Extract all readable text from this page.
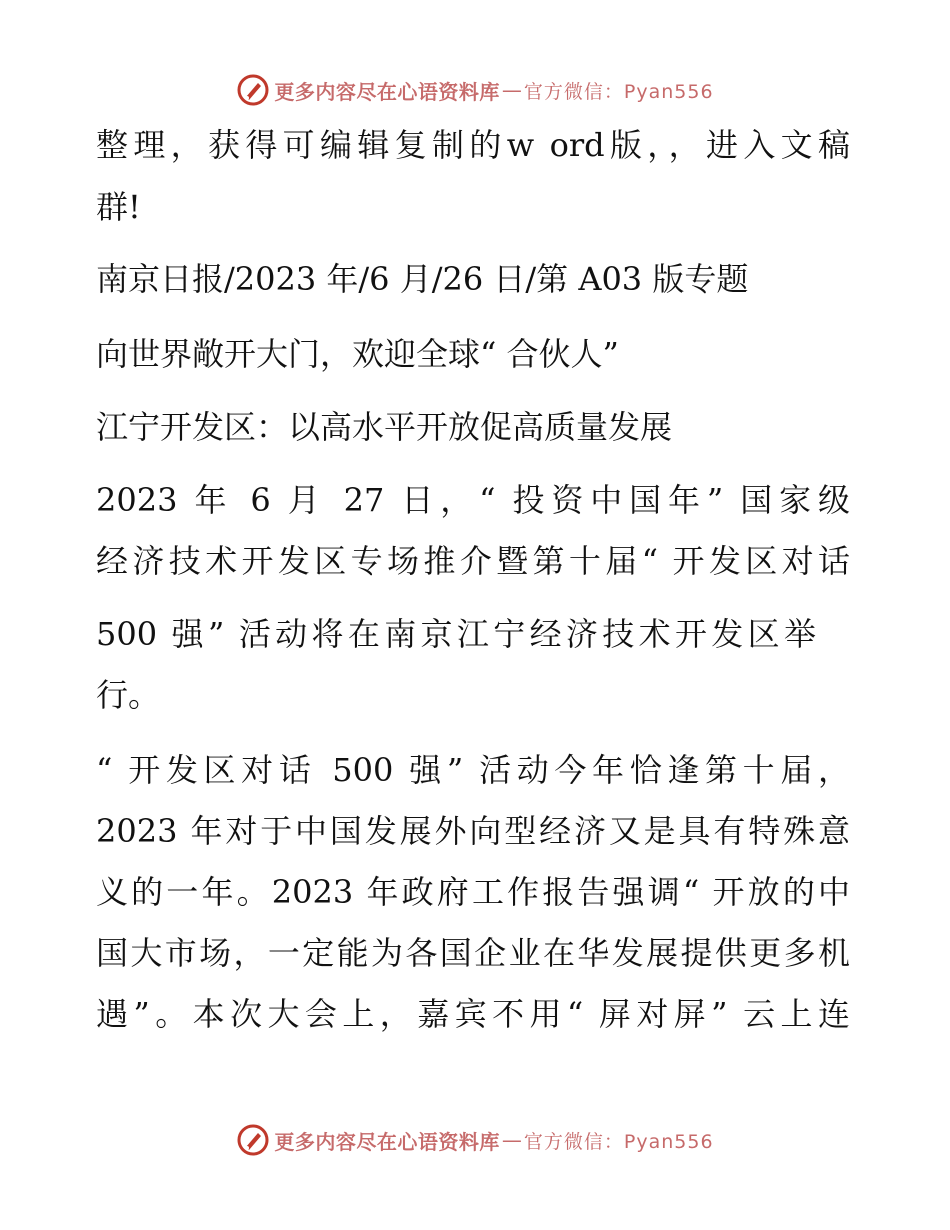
更多内容尽在心语资料库 — 官方微信：Pyan556
整理，获得可编辑复制的w ord版，，进入文稿
群!
南京日报/2023 年/6 月/26 日/第 A03 版专题
向世界敞开大门，欢迎全球“ 合伙人”
江宁开发区：以高水平开放促高质量发展
2023 年 6 月 27 日，“ 投资中国年” 国家级
经济技术开发区专场推介暨第十届“ 开发区对话
500 强” 活动将在南京江宁经济技术开发区举
行。
“ 开发区对话 500 强” 活动今年恰逢第十届，
2023 年对于中国发展外向型经济又是具有特殊意
义的一年。2023 年政府工作报告强调“ 开放的中
国大市场，一定能为各国企业在华发展提供更多机
遇”。本次大会上，嘉宾不用“ 屏对屏” 云上连
更多内容尽在心语资料库 — 官方微信：Pyan556
